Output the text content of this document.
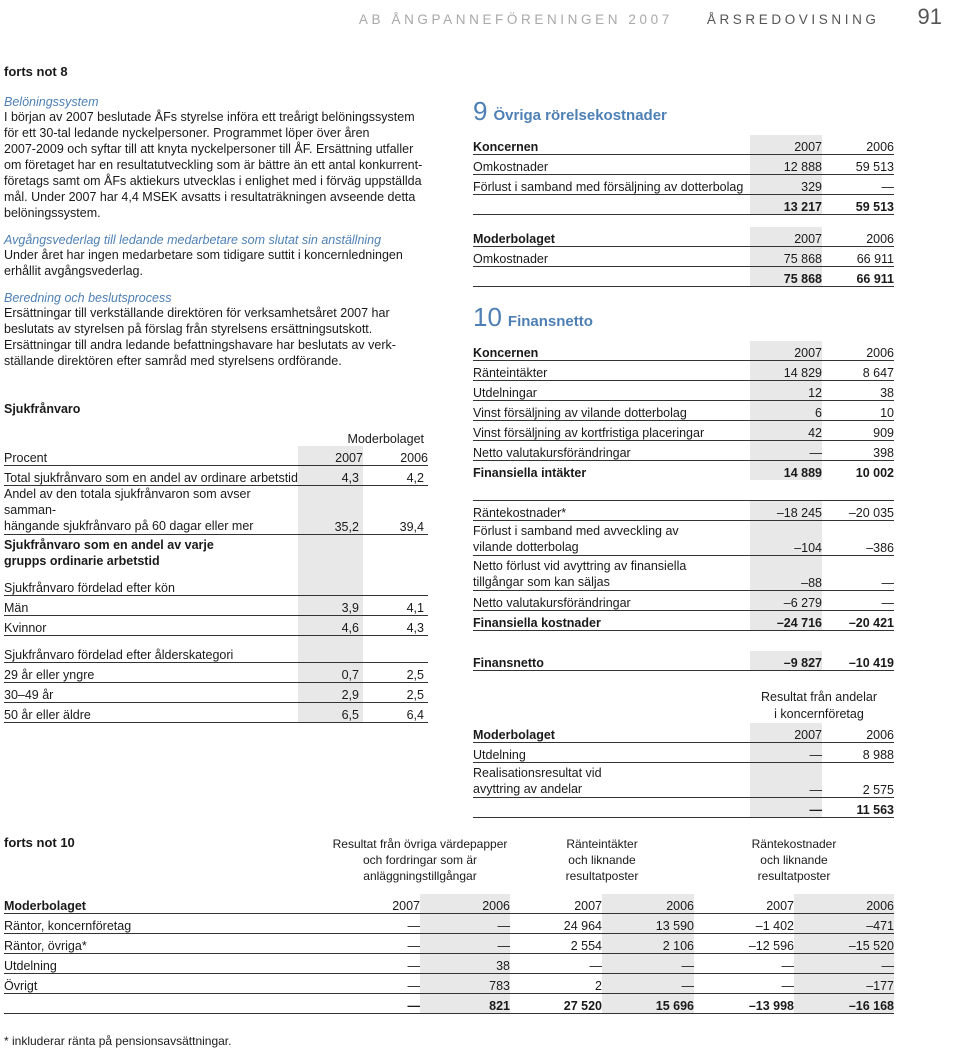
AB ÅNGPANNEFÖRENINGEN 2007	ÅRSREDOVISNING 91
forts not 8
Belöningssystem

I början av 2007 beslutade ÅFs styrelse införa ett treårigt belöningssystem

för ett 30-tal ledande nyckelpersoner. Programmet löper över åren

2007-2009 och syftar till att knyta nyckelpersoner till ÅF. Ersättning utfaller

om företaget har en resultatutveckling som är bättre än ett antal konkurrent-

företags samt om ÅFs aktiekurs utvecklas i enlighet med i förväg uppställda

mål. Under 2007 har 4,4 MSEK avsatts i resultaträkningen avseende detta

belöningssystem.

Avgångsvederlag till ledande medarbetare som slutat sin anställning

Under året har ingen medarbetare som tidigare suttit i koncernledningen

erhållit avgångsvederlag.

Beredning och beslutsprocess

Ersättningar till verkställande direktören för verksamhetsåret 2007 har

beslutats av styrelsen på förslag från styrelsens ersättningsutskott.

Ersättningar till andra ledande befattningshavare har beslutats av verk-

ställande direktören efter samråd med styrelsens ordförande.

Sjukfrånvaro
	Moderbolaget	
Procent	2007	2006
Total sjukfrånvaro som en andel av ordinare arbetstid	4,3	4,2
Andel av den totala sjukfrånvaron som avser samman-
hängande sjukfrånvaro på 60 dagar eller mer	35,2	39,4
Sjukfrånvaro som en andel av varje
grupps ordinarie arbetstid		
Sjukfrånvaro fördelad efter kön		
Män	3,9	4,1
Kvinnor	4,6	4,3
Sjukfrånvaro fördelad efter ålderskategori		
29 år eller yngre	0,7	2,5
30–49 år	2,9	2,5
50 år eller äldre	6,5	6,4
9 Övriga rörelsekostnader
Koncernen	2007	2006
Omkostnader	12 888	59 513
Förlust i samband med försäljning av dotterbolag	329	—
	13 217	59 513
Moderbolaget	2007	2006
Omkostnader	75 868	66 911
	75 868	66 911
10 Finansnetto
Koncernen	2007	2006
Ränteintäkter	14 829	8 647
Utdelningar	12	38
Vinst försäljning av vilande dotterbolag	6	10
Vinst försäljning av kortfristiga placeringar	42	909
Netto valutakursförändringar	—	398
Finansiella intäkter	14 889	10 002

Räntekostnader*	–18 245	–20 035
Förlust i samband med avveckling av
vilande dotterbolag	–104	–386
Netto förlust vid avyttring av finansiella
tillgångar som kan säljas	–88	—
Netto valutakursförändringar	–6 279	—
Finansiella kostnader	–24 716	–20 421

Finansnetto	–9 827	–10 419
Resultat från andelar
i koncernföretag
Moderbolaget	2007	2006
Utdelning	—	8 988
Realisationsresultat vid
avyttring av andelar	—	2 575
	—	11 563
forts not 10	Resultat från övriga värdepapper
och fordringar som är
anläggningstillgångar		Ränteintäkter
och liknande
resultatposter		Räntekostnader
och liknande
resultatposter	

Moderbolaget	2007	2006	2007	2006	2007	2006
Räntor, koncernföretag	—	—	24 964	13 590	–1 402	–471
Räntor, övriga*	—	—	2 554	2 106	–12 596	–15 520
Utdelning	—	38	—	—	—	—
Övrigt	—	783	2	—	—	–177
	—	821	27 520	15 696	–13 998	–16 168
* inkluderar ränta på pensionsavsättningar.
